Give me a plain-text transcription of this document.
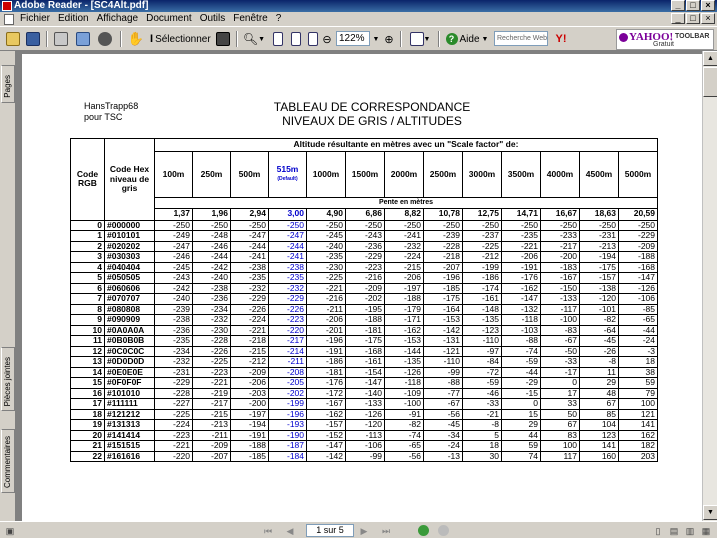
Adobe Reader - [SC4Alt.pdf]	_	□	×
Fichier Edition Affichage Document Outils Fenêtre ?	_	□	×
✋ I Sélectionner	🔍︎ ▼	⊖ 122%	▼ ⊕	▼	? Aide ▼	Recherche Web Y!	YAHOO! TOOLBAR
Gratuit
Pages
Pièces jointes
Commentaires
HansTrapp68
pour TSC
TABLEAU DE CORRESPONDANCE
NIVEAUX DE GRIS / ALTITUDES
Code RGB	Code Hex niveau de gris	Altitude résultante en mètres avec un "Scale factor" de:												

		100m	250m	500m	515m
(Default)	1000m	1500m	2000m	2500m	3000m	3500m	4000m	4500m	5000m

		Pente en mètres												
		1,37	1,96	2,94	3,00	4,90	6,86	8,82	10,78	12,75	14,71	16,67	18,63	20,59
0	#000000	-250	-250	-250	-250	-250	-250	-250	-250	-250	-250	-250	-250	-250
1	#010101	-249	-248	-247	-247	-245	-243	-241	-239	-237	-235	-233	-231	-229
2	#020202	-247	-246	-244	-244	-240	-236	-232	-228	-225	-221	-217	-213	-209
3	#030303	-246	-244	-241	-241	-235	-229	-224	-218	-212	-206	-200	-194	-188
4	#040404	-245	-242	-238	-238	-230	-223	-215	-207	-199	-191	-183	-175	-168
5	#050505	-243	-240	-235	-235	-225	-216	-206	-196	-186	-176	-167	-157	-147
6	#060606	-242	-238	-232	-232	-221	-209	-197	-185	-174	-162	-150	-138	-126
7	#070707	-240	-236	-229	-229	-216	-202	-188	-175	-161	-147	-133	-120	-106
8	#080808	-239	-234	-226	-226	-211	-195	-179	-164	-148	-132	-117	-101	-85
9	#090909	-238	-232	-224	-223	-206	-188	-171	-153	-135	-118	-100	-82	-65
10	#0A0A0A	-236	-230	-221	-220	-201	-181	-162	-142	-123	-103	-83	-64	-44
11	#0B0B0B	-235	-228	-218	-217	-196	-175	-153	-131	-110	-88	-67	-45	-24
12	#0C0C0C	-234	-226	-215	-214	-191	-168	-144	-121	-97	-74	-50	-26	-3
13	#0D0D0D	-232	-225	-212	-211	-186	-161	-135	-110	-84	-59	-33	-8	18
14	#0E0E0E	-231	-223	-209	-208	-181	-154	-126	-99	-72	-44	-17	11	38
15	#0F0F0F	-229	-221	-206	-205	-176	-147	-118	-88	-59	-29	0	29	59
16	#101010	-228	-219	-203	-202	-172	-140	-109	-77	-46	-15	17	48	79
17	#111111	-227	-217	-200	-199	-167	-133	-100	-67	-33	0	33	67	100
18	#121212	-225	-215	-197	-196	-162	-126	-91	-56	-21	15	50	85	121
19	#131313	-224	-213	-194	-193	-157	-120	-82	-45	-8	29	67	104	141
20	#141414	-223	-211	-191	-190	-152	-113	-74	-34	5	44	83	123	162
21	#151515	-221	-209	-188	-187	-147	-106	-65	-24	18	59	100	141	182
22	#161616	-220	-207	-185	-184	-142	-99	-56	-13	30	74	117	160	203
▲
▼
▣	⏮ ◀	1 sur 5	▶ ⏭	▯	▤ ▥ ▦
